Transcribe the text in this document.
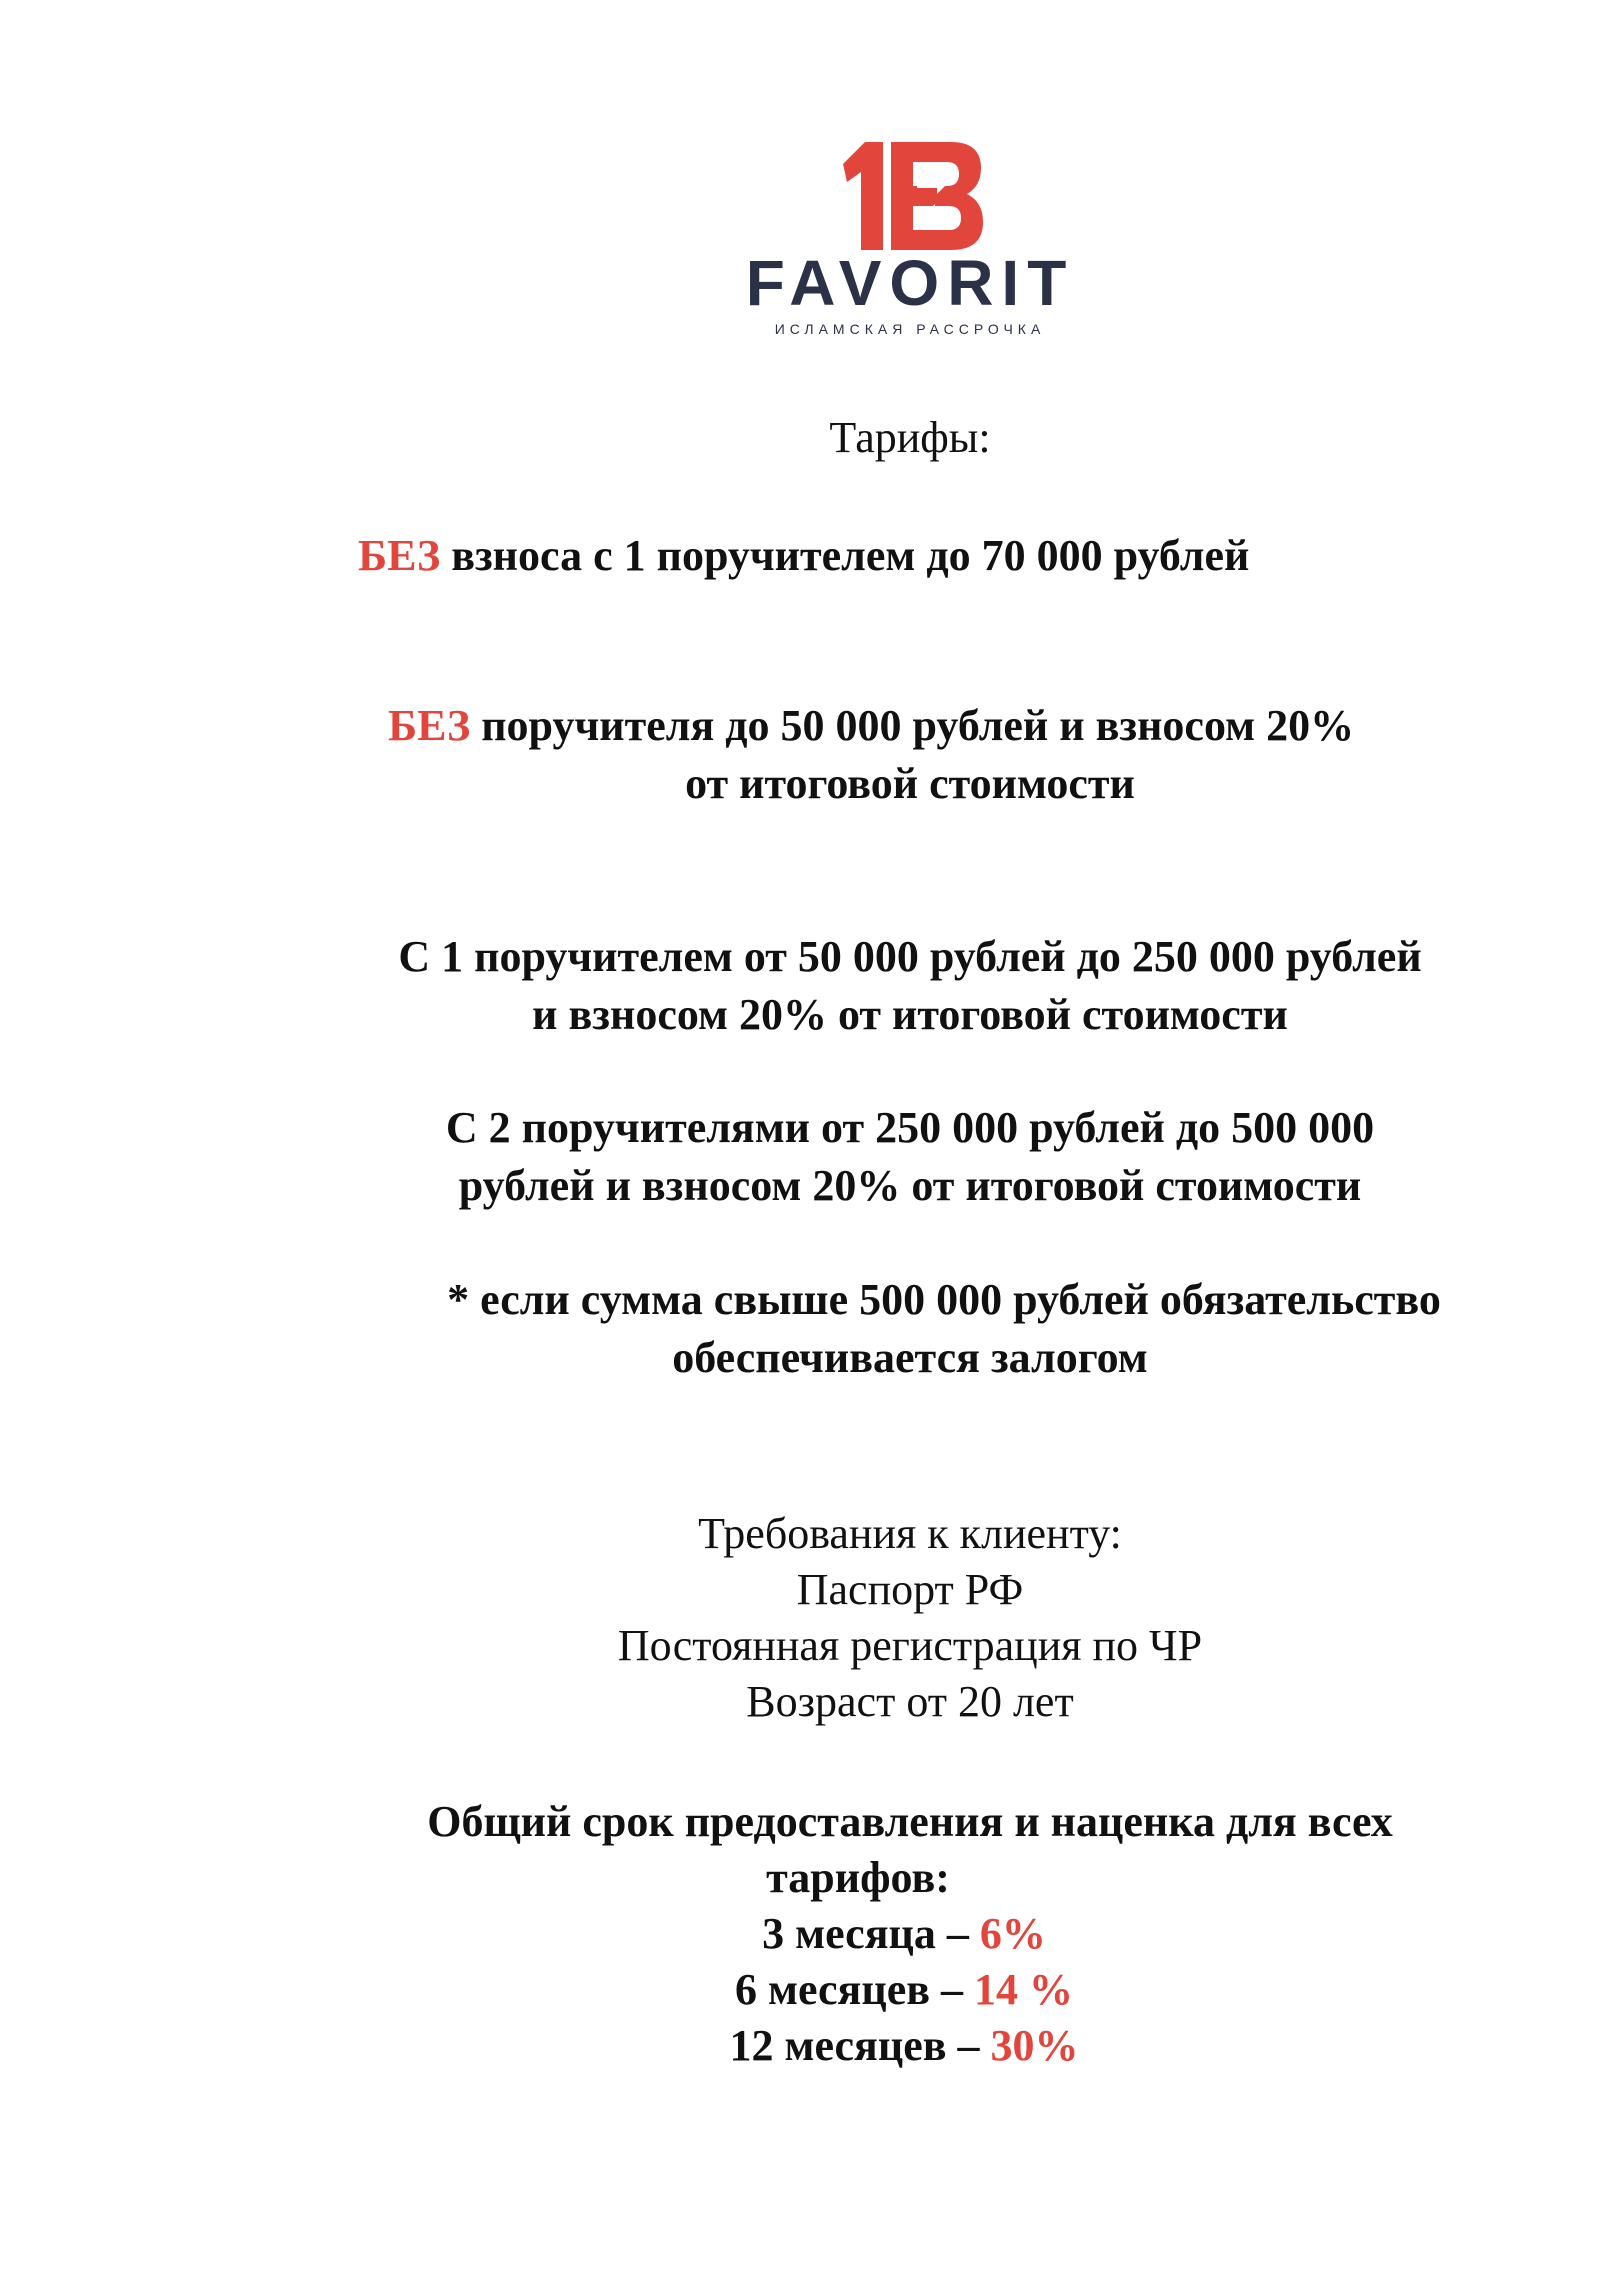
FAVORIT
ИСЛАМСКАЯ РАССРОЧКА
Тарифы:
БЕЗ взноса с 1 поручителем до 70 000 рублей
БЕЗ поручителя до 50 000 рублей и взносом 20%
от итоговой стоимости
С 1 поручителем от 50 000 рублей до 250 000 рублей
и взносом 20% от итоговой стоимости
С 2 поручителями от 250 000 рублей до 500 000
рублей и взносом 20% от итоговой стоимости
* если сумма свыше 500 000 рублей обязательство
обеспечивается залогом
Требования к клиенту:
Паспорт РФ
Постоянная регистрация по ЧР
Возраст от 20 лет
Общий срок предоставления и наценка для всех
тарифов:
3 месяца – 6%
6 месяцев – 14 %
12 месяцев – 30%
